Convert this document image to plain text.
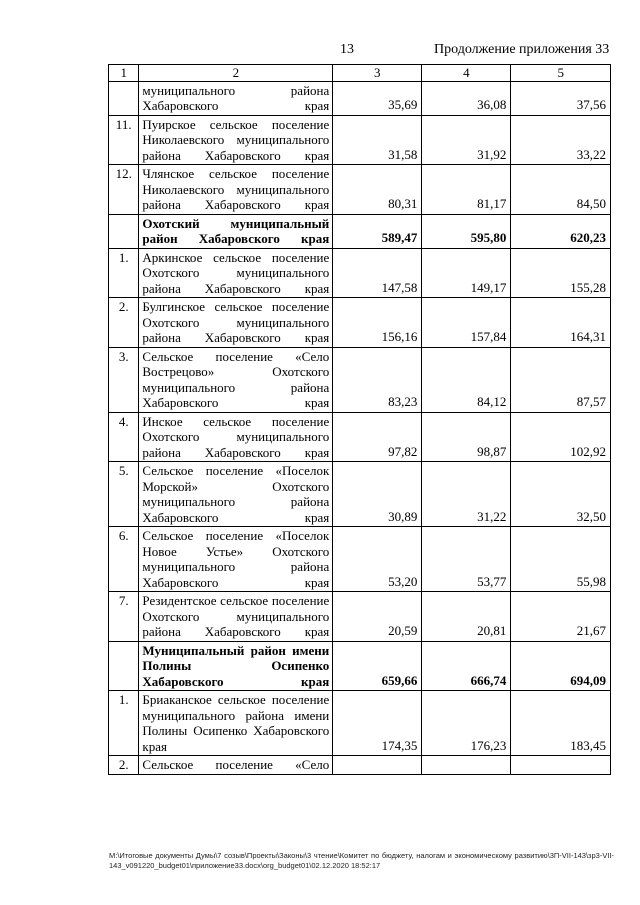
13	Продолжение приложения 33
1	2	3	4	5
	муниципального района Хабаровского края	35,69	36,08	37,56
11.	Пуирское сельское поселение Николаевского муниципального района Хабаровского края	31,58	31,92	33,22
12.	Члянское сельское поселение Николаевского муниципального района Хабаровского края	80,31	81,17	84,50
	Охотский муниципальный район Хабаровского края	589,47	595,80	620,23
1.	Аркинское сельское поселение Охотского муниципального района Хабаровского края	147,58	149,17	155,28
2.	Булгинское сельское поселение Охотского муниципального района Хабаровского края	156,16	157,84	164,31
3.	Сельское поселение «Село Вострецово» Охотского муниципального района Хабаровского края	83,23	84,12	87,57
4.	Инское сельское поселение Охотского муниципального района Хабаровского края	97,82	98,87	102,92
5.	Сельское поселение «Поселок Морской» Охотского муниципального района Хабаровского края	30,89	31,22	32,50
6.	Сельское поселение «Поселок Новое Устье» Охотского муниципального района Хабаровского края	53,20	53,77	55,98
7.	Резидентское сельское поселение Охотского муниципального района Хабаровского края	20,59	20,81	21,67
	Муниципальный район имени Полины Осипенко Хабаровского края	659,66	666,74	694,09
1.	Бриаканское сельское поселение муниципального района имени Полины Осипенко Хабаровского края	174,35	176,23	183,45
2.	Сельское поселение «Село			
M:\Итоговые документы Думы\7 созыв\Проекты\Законы\3 чтение\Комитет по бюджету, налогам и экономическому развитию\3П-VII-143\зр3-VII-143_v091220_budget01\приложение33.docx\org_budget01\02.12.2020 18:52:17
